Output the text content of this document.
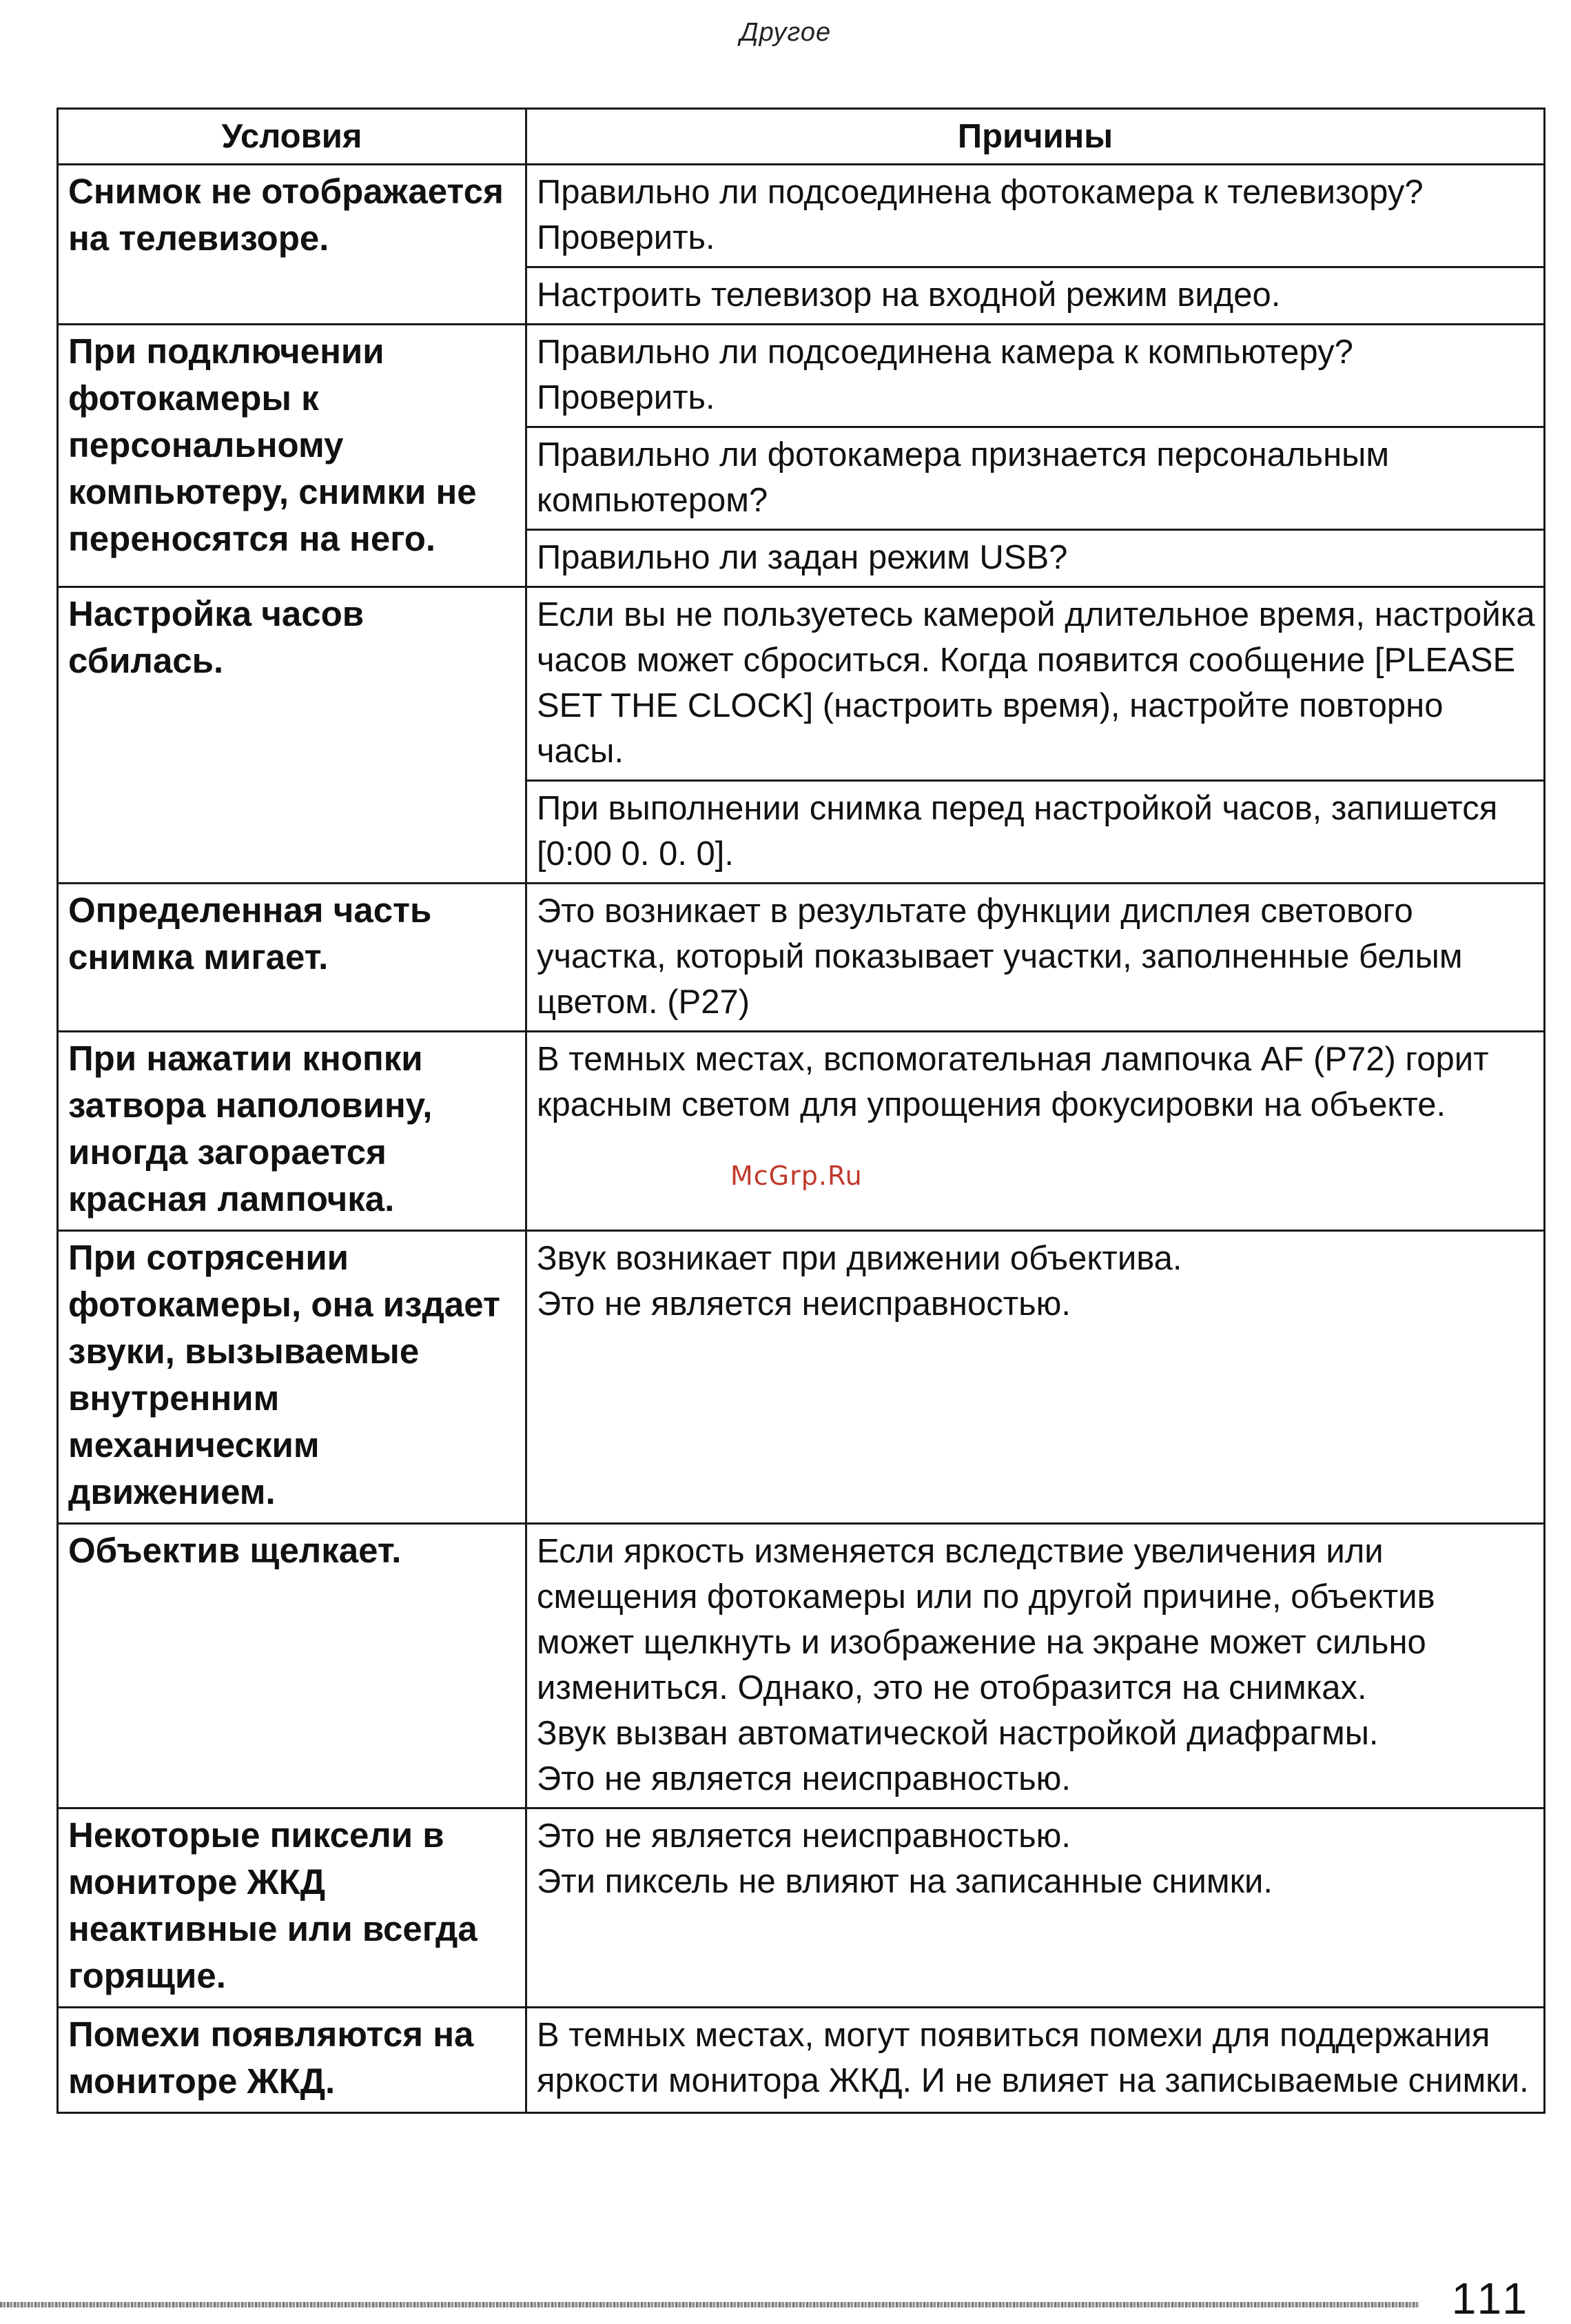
Другое
Условия	Причины
Снимок не отображается на телевизоре.	Правильно ли подсоединена фотокамера к телевизору? Проверить.

	Настроить телевизор на входной режим видео.

При подключении фотокамеры к персональному компьютеру, снимки не переносятся на него.	Правильно ли подсоединена камера к компьютеру? Проверить.

	Правильно ли фотокамера признается персональным компьютером?

	Правильно ли задан режим USB?

Настройка часов сбилась.	Если вы не пользуетесь камерой длительное время, настройка часов может сброситься. Когда появится сообщение [PLEASE SET THE CLOCK] (настроить время), настройте повторно часы.

	При выполнении снимка перед настройкой часов, запишется [0:00 0. 0. 0].

Определенная часть снимка мигает.	Это возникает в результате функции дисплея светового участка, который показывает участки, заполненные белым цветом. (P27)

При нажатии кнопки затвора наполовину, иногда загорается красная лампочка.	В темных местах, вспомогательная лампочка AF (P72) горит красным светом для упрощения фокусировки на объекте.

При сотрясении фотокамеры, она издает звуки, вызываемые внутренним механическим движением.	Звук возникает при движении объектива.
Это не является неисправностью.

Объектив щелкает.	Если яркость изменяется вследствие увеличения или смещения фотокамеры или по другой причине, объектив может щелкнуть и изображение на экране может сильно измениться. Однако, это не отобразится на снимках.
Звук вызван автоматической настройкой диафрагмы.
Это не является неисправностью.

Некоторые пиксели в мониторе ЖКД неактивные или всегда горящие.	Это не является неисправностью.
Эти пиксель не влияют на записанные снимки.

Помехи появляются на мониторе ЖКД.	В темных местах, могут появиться помехи для поддержания яркости монитора ЖКД. И не влияет на записываемые снимки.
McGrp.Ru
111
